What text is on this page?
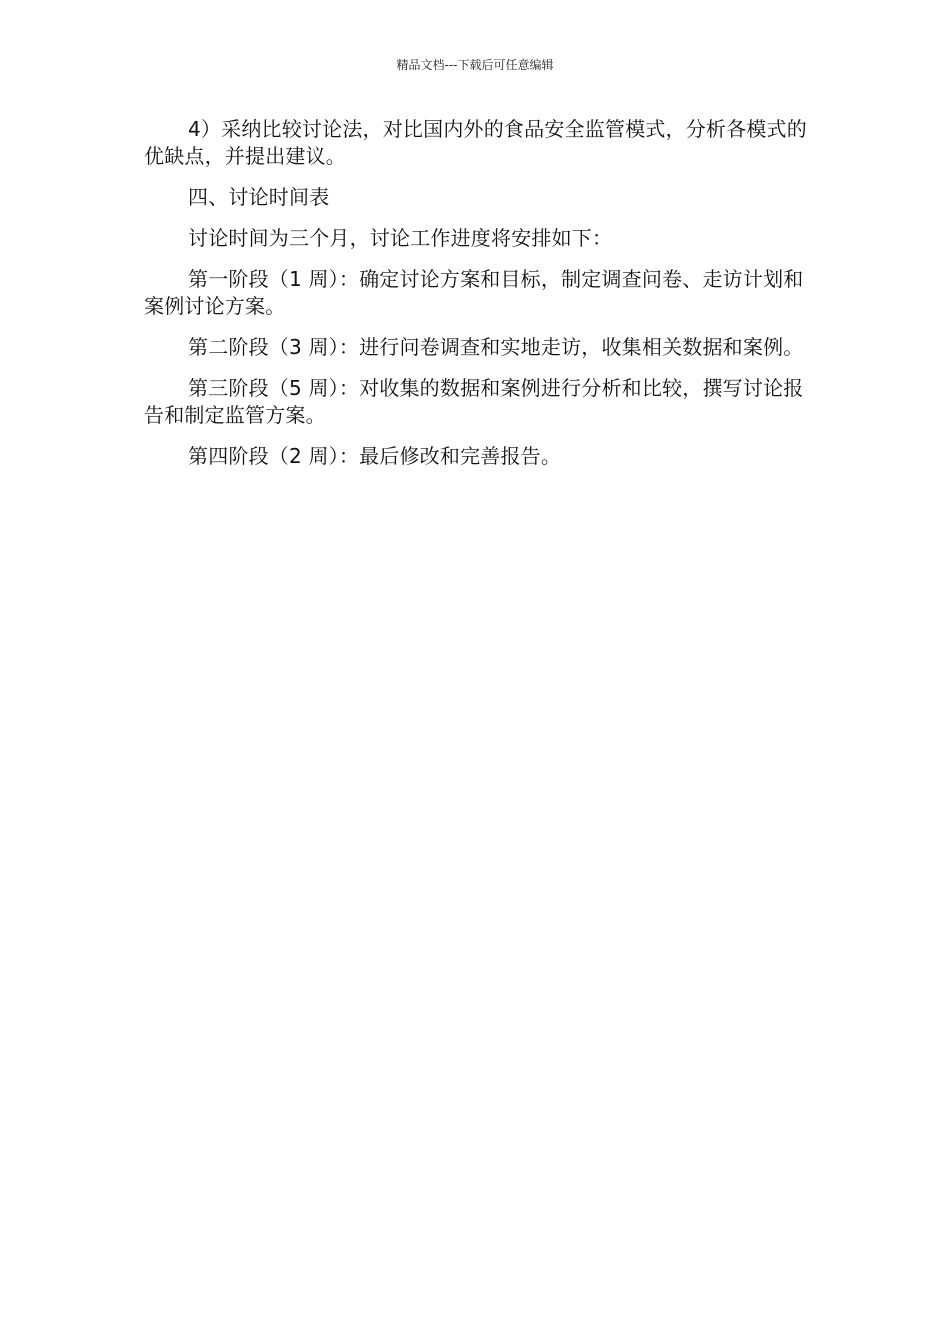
精品文档---下载后可任意编辑

4）采纳比较讨论法，对比国内外的食品安全监管模式，分析各模式的优缺点，并提出建议。

四、讨论时间表

讨论时间为三个月，讨论工作进度将安排如下：

第一阶段（1 周）：确定讨论方案和目标，制定调查问卷、走访计划和案例讨论方案。

第二阶段（3 周）：进行问卷调查和实地走访，收集相关数据和案例。

第三阶段（5 周）：对收集的数据和案例进行分析和比较，撰写讨论报告和制定监管方案。

第四阶段（2 周）：最后修改和完善报告。
